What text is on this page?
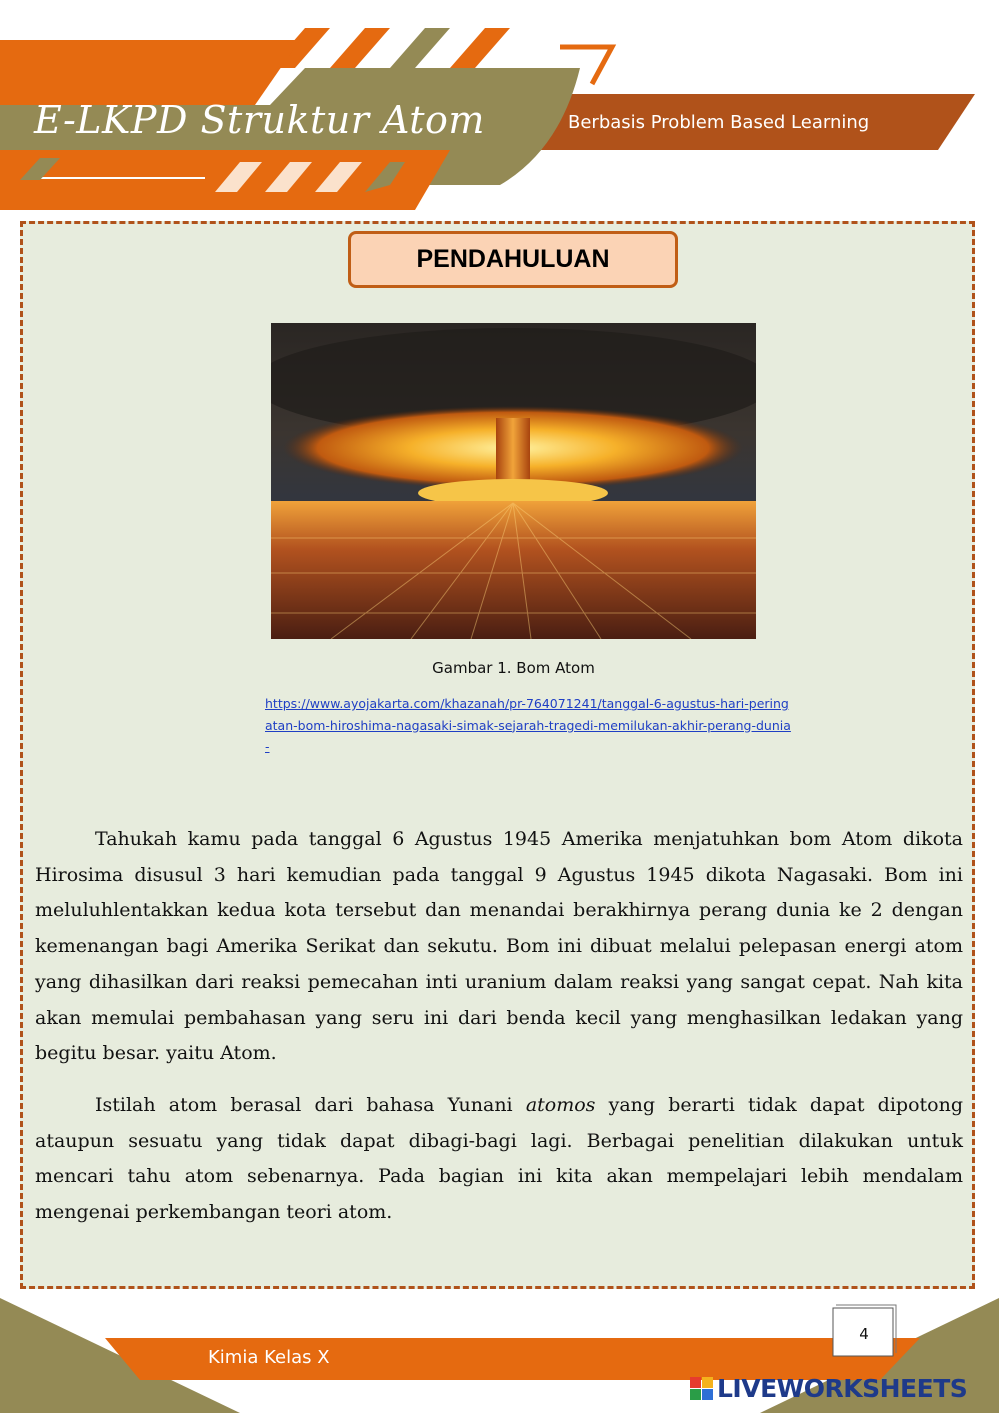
E-LKPD Struktur Atom	Berbasis Problem Based Learning
PENDAHULUAN
Gambar 1. Bom Atom
https://www.ayojakarta.com/khazanah/pr-764071241/tanggal-6-agustus-hari-peringatan-bom-hiroshima-nagasaki-simak-sejarah-tragedi-memilukan-akhir-perang-dunia-

Tahukah kamu pada tanggal 6 Agustus 1945 Amerika menjatuhkan bom Atom dikota Hirosima disusul 3 hari kemudian pada tanggal 9 Agustus 1945 dikota Nagasaki. Bom ini meluluhlentakkan kedua kota tersebut dan menandai berakhirnya perang dunia ke 2 dengan kemenangan bagi Amerika Serikat dan sekutu. Bom ini dibuat melalui pelepasan energi atom yang dihasilkan dari reaksi pemecahan inti uranium dalam reaksi yang sangat cepat. Nah kita akan memulai pembahasan yang seru ini dari benda kecil yang menghasilkan ledakan yang begitu besar. yaitu Atom.

Istilah atom berasal dari bahasa Yunani atomos yang berarti tidak dapat dipotong ataupun sesuatu yang tidak dapat dibagi-bagi lagi. Berbagai penelitian dilakukan untuk mencari tahu atom sebenarnya. Pada bagian ini kita akan mempelajari lebih mendalam mengenai perkembangan teori atom.

Kimia Kelas X
4
LIVEWORKSHEETS
